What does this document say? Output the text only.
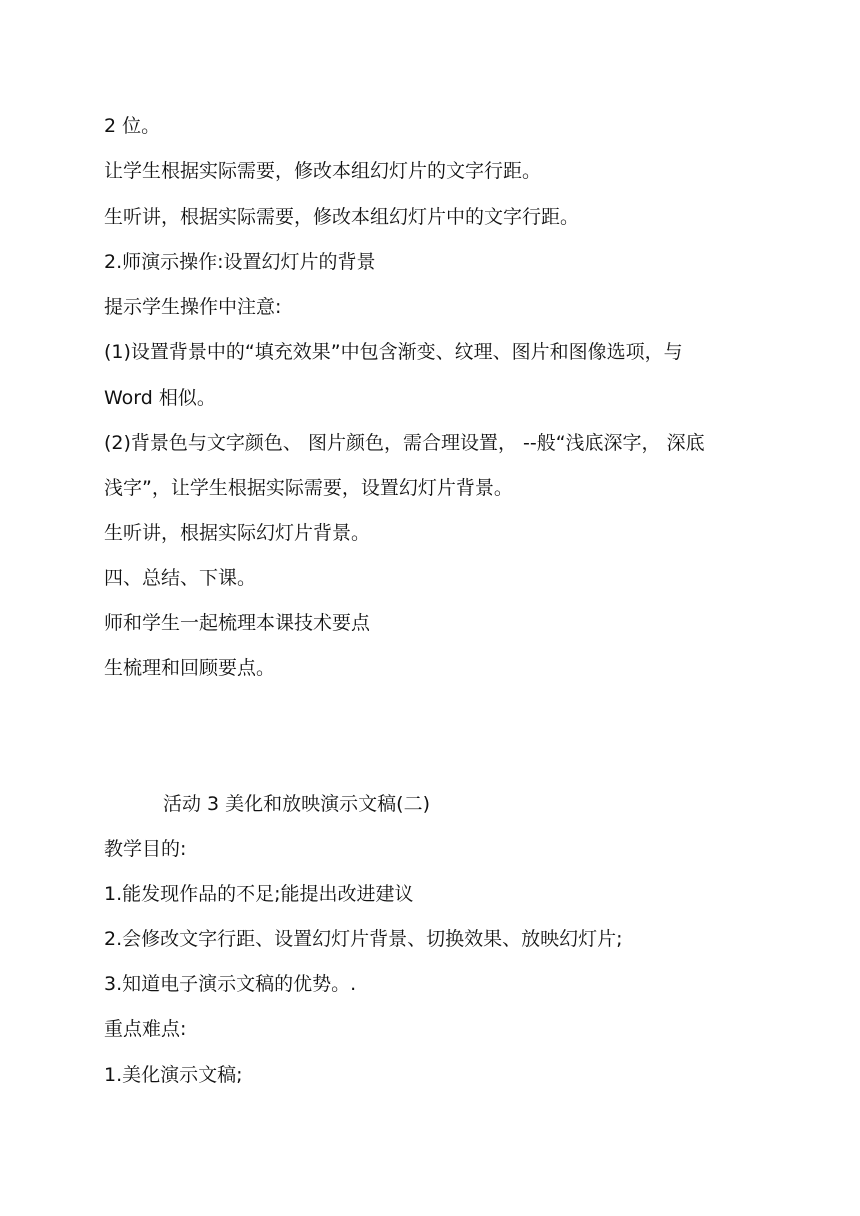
2 位。

让学生根据实际需要，修改本组幻灯片的文字行距。

生听讲，根据实际需要，修改本组幻灯片中的文字行距。

2.师演示操作:设置幻灯片的背景

提示学生操作中注意:

(1)设置背景中的“填充效果”中包含渐变、纹理、图片和图像选项，与

Word 相似。

(2)背景色与文字颜色、 图片颜色，需合理设置， --般“浅底深字， 深底

浅字”，让学生根据实际需要，设置幻灯片背景。

生听讲，根据实际幻灯片背景。

四、总结、下课。

师和学生一起梳理本课技术要点

生梳理和回顾要点。

活动 3 美化和放映演示文稿(二)

教学目的:

1.能发现作品的不足;能提出改进建议

2.会修改文字行距、设置幻灯片背景、切换效果、放映幻灯片;

3.知道电子演示文稿的优势。.

重点难点:

1.美化演示文稿;
